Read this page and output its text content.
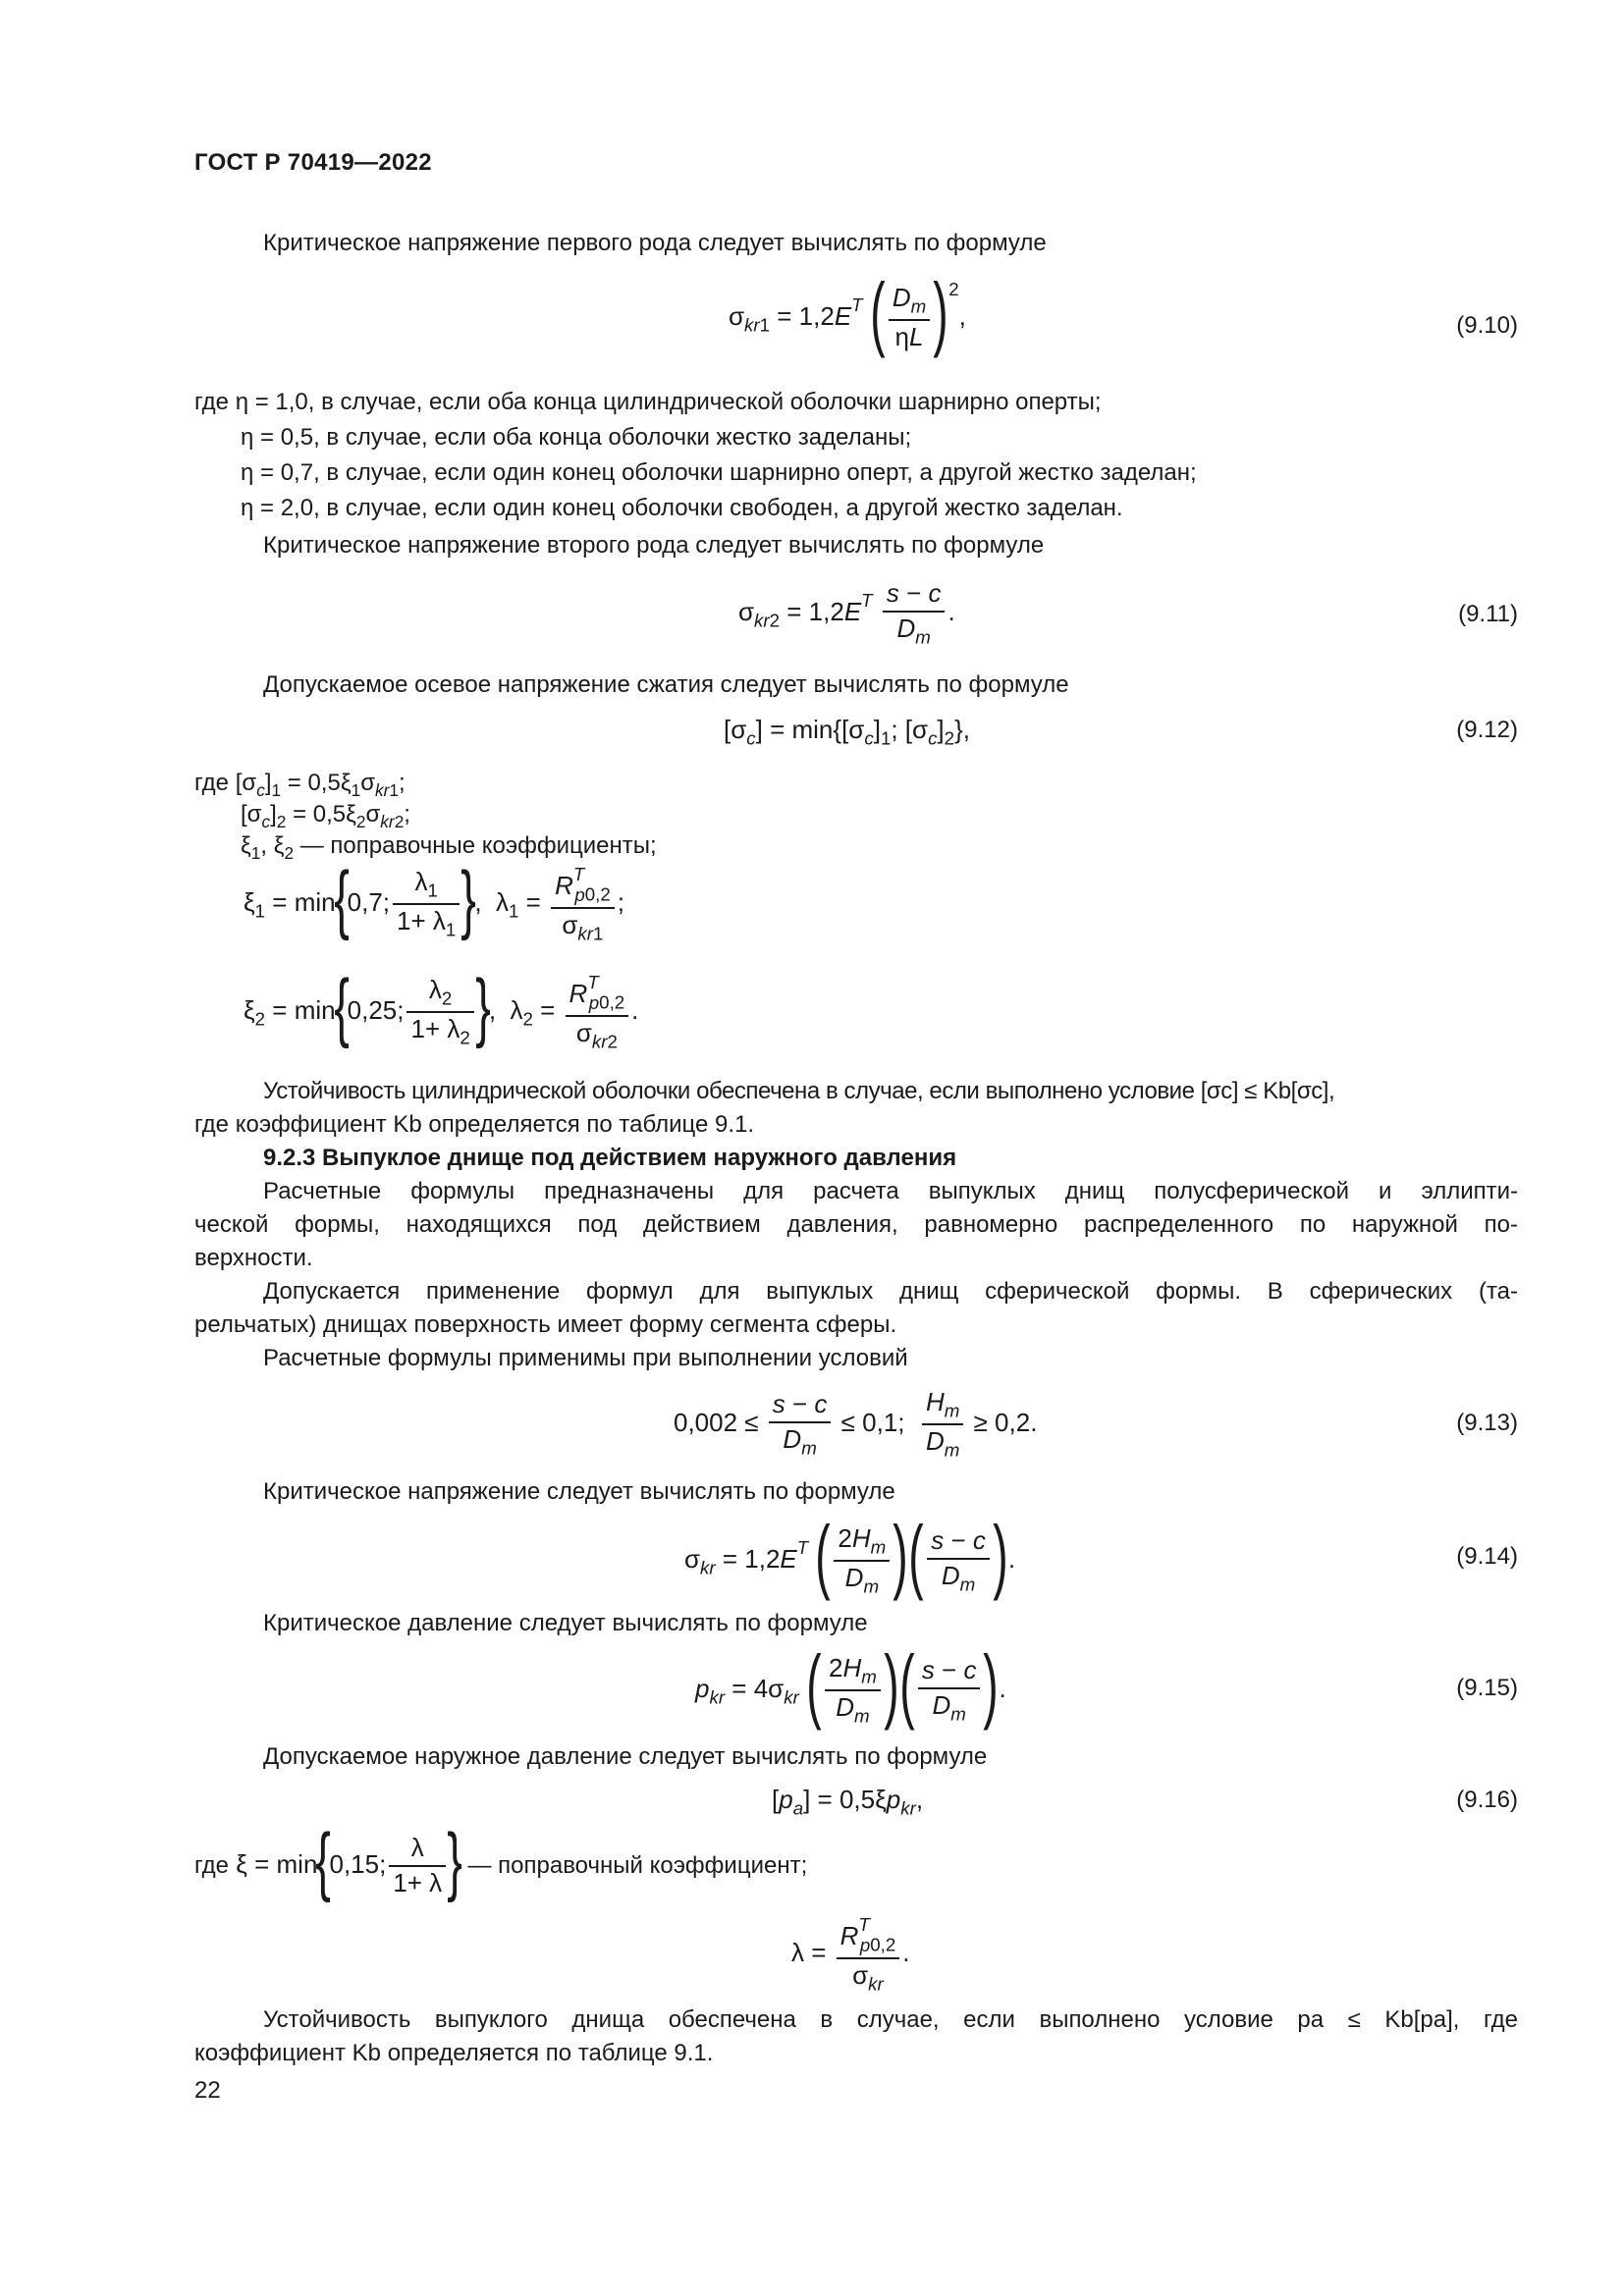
ГОСТ Р 70419—2022
Критическое напряжение первого рода следует вычислять по формуле
$\sigma_{kr1} = 1,2E^T$ ( $\frac{D_m}{\eta L} )^2$,	(9.10)
где η = 1,0, в случае, если оба конца цилиндрической оболочки шарнирно оперты;
η = 0,5, в случае, если оба конца оболочки жестко заделаны;
η = 0,7, в случае, если один конец оболочки шарнирно оперт, а другой жестко заделан;
η = 2,0, в случае, если один конец оболочки свободен, а другой жестко заделан.
Критическое напряжение второго рода следует вычислять по формуле
$\sigma_{kr2} = 1,2E^T \frac{s - c}{D_m}$ .	(9.11)
Допускаемое осевое напряжение сжатия следует вычислять по формуле
$[\sigma_c] = \min\{[\sigma_c]_1$; $[\sigma_c]_2$},	(9.12)
где $[\sigma_c]_1 = 0,5\xi_1\sigma_{kr1}$;
$[\sigma_c]_2 = 0,5\xi_2\sigma_{kr2}$;
$\xi_1$, $\xi_2$ — поправочные коэффициенты;
$\xi_1 = \min\{0,7$; $\frac{\lambda_1}{1+ \lambda_1}$ },  $\lambda_1 = \frac{R^T_{p0,2}}{\sigma_{kr1}}$ ;
$\xi_2 = \min\{0,25$; $\frac{\lambda_2}{1+ \lambda_2}$ },  $\lambda_2 = \frac{R^T_{p0,2}}{\sigma_{kr2}}$ .
Устойчивость цилиндрической оболочки обеспечена в случае, если выполнено условие [σc] ≤ Kb[σc],
где коэффициент Kb определяется по таблице 9.1.
9.2.3 Выпуклое днище под действием наружного давления
Расчетные формулы предназначены для расчета выпуклых днищ полусферической и эллипти-
ческой формы, находящихся под действием давления, равномерно распределенного по наружной по-
верхности.
Допускается применение формул для выпуклых днищ сферической формы. В сферических (та-
рельчатых) днищах поверхность имеет форму сегмента сферы.
Расчетные формулы применимы при выполнении условий
$0,002 \le \frac{s - c}{D_m} \le 0,1$; $\frac{H_m}{D_m} \ge 0,2$.	(9.13)
Критическое напряжение следует вычислять по формуле
$\sigma_{kr} = 1,2E^T$ ( $\frac{2H_m}{D_m}$ )( $\frac{s - c}{D_m}$ ).	(9.14)
Критическое давление следует вычислять по формуле
$p_{kr} = 4\sigma_{kr}$ ( $\frac{2H_m}{D_m}$ )( $\frac{s - c}{D_m}$ ).	(9.15)
Допускаемое наружное давление следует вычислять по формуле
$[p_a] = 0,5\xi p_{kr}$,	(9.16)
где ξ = min{0,15; $\frac{\lambda}{1+ \lambda}$ } — поправочный коэффициент;
$\lambda = \frac{R^T_{p0,2}}{\sigma_{kr}}$ .
Устойчивость выпуклого днища обеспечена в случае, если выполнено условие pa ≤ Kb[pa], где
коэффициент Kb определяется по таблице 9.1.
22
